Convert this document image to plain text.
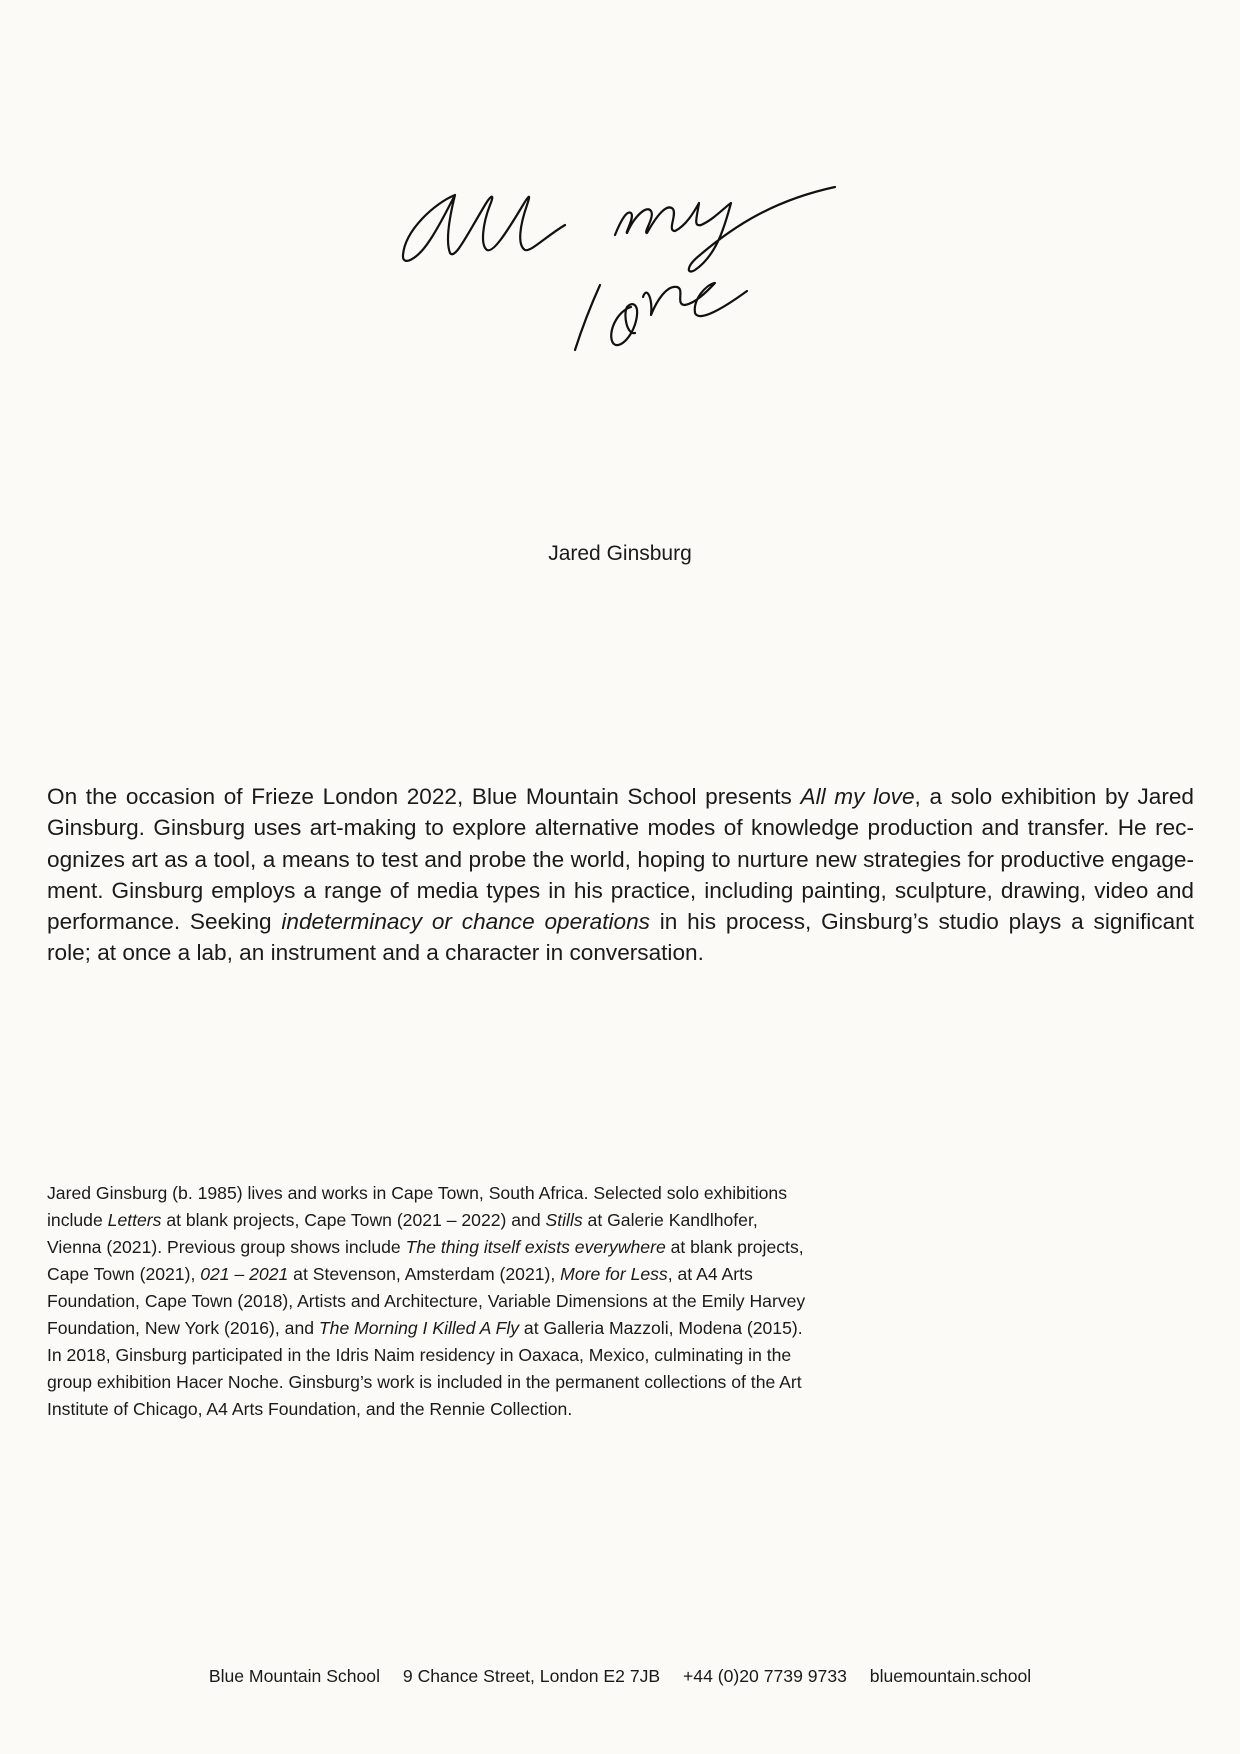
Jared Ginsburg

On the occasion of Frieze London 2022, Blue Mountain School presents All my love, a solo exhibition by Jared Ginsburg. Ginsburg uses art-making to explore alternative modes of knowledge production and transfer. He rec-ognizes art as a tool, a means to test and probe the world, hoping to nurture new strategies for productive engage-ment. Ginsburg employs a range of media types in his practice, including painting, sculpture, drawing, video and performance. Seeking indeterminacy or chance operations in his process, Ginsburg’s studio plays a significant role; at once a lab, an instrument and a character in conversation.

Jared Ginsburg (b. 1985) lives and works in Cape Town, South Africa. Selected solo exhibitions include Letters at blank projects, Cape Town (2021 – 2022) and Stills at Galerie Kandlhofer, Vienna (2021). Previous group shows include The thing itself exists everywhere at blank projects, Cape Town (2021), 021 – 2021 at Stevenson, Amsterdam (2021), More for Less, at A4 Arts Foundation, Cape Town (2018), Artists and Architecture, Variable Dimensions at the Emily Harvey Foundation, New York (2016), and The Morning I Killed A Fly at Galleria Mazzoli, Modena (2015). In 2018, Ginsburg participated in the Idris Naim residency in Oaxaca, Mexico, culminating in the group exhibition Hacer Noche. Ginsburg’s work is included in the permanent collections of the Art Institute of Chicago, A4 Arts Foundation, and the Rennie Collection.

Blue Mountain School 9 Chance Street, London E2 7JB +44 (0)20 7739 9733 bluemountain.school
